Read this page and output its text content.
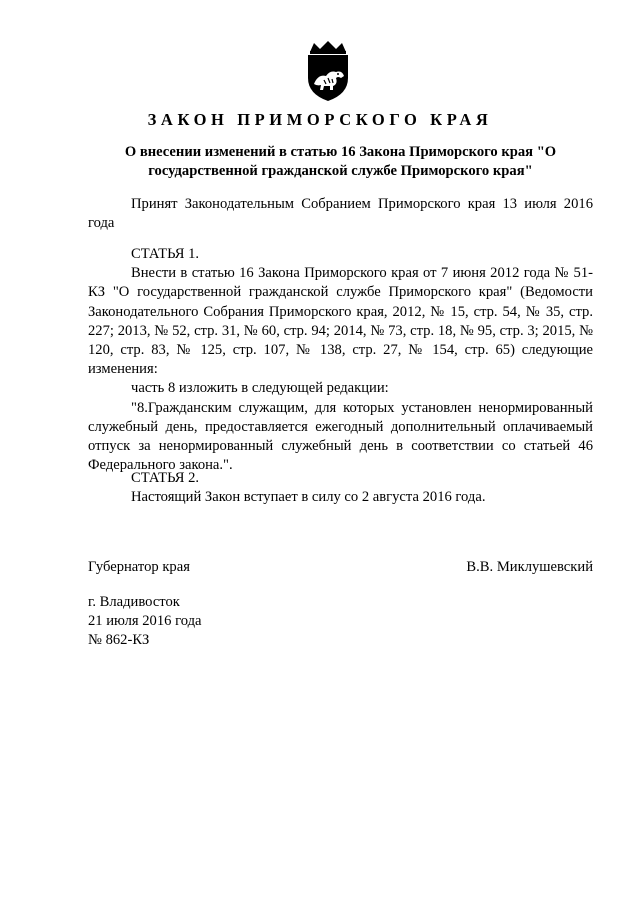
ЗАКОН ПРИМОРСКОГО КРАЯ
О внесении изменений в статью 16 Закона Приморского края "О государственной гражданской службе Приморского края"

Принят Законодательным Собранием Приморского края 13 июля 2016 года

СТАТЬЯ 1.

Внести в статью 16 Закона Приморского края от 7 июня 2012 года № 51-КЗ "О государственной гражданской службе Приморского края" (Ведомости Законодательного Собрания Приморского края, 2012, № 15, стр. 54, № 35, стр. 227; 2013, № 52, стр. 31, № 60, стр. 94; 2014, № 73, стр. 18, № 95, стр. 3; 2015, № 120, стр. 83, № 125, стр. 107, № 138, стр. 27, № 154, стр. 65) следующие изменения:

часть 8 изложить в следующей редакции:

"8.Гражданским служащим, для которых установлен ненормированный служебный день, предоставляется ежегодный дополнительный оплачиваемый отпуск за ненормированный служебный день в соответствии со статьей 46 Федерального закона.".

СТАТЬЯ 2.

Настоящий Закон вступает в силу со 2 августа 2016 года.

Губернатор края	В.В. Миклушевский
г. Владивосток
21 июля 2016 года
№ 862-КЗ
